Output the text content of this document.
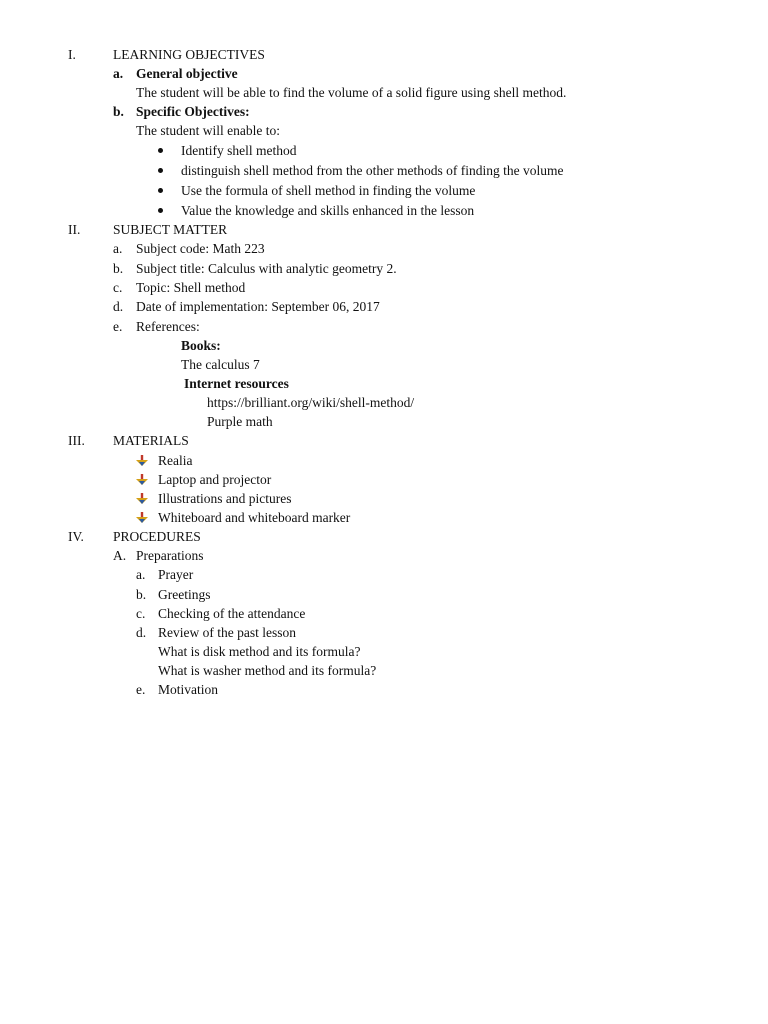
I.	LEARNING OBJECTIVES
a. General objective
The student will be able to find the volume of a solid figure using shell method.
b. Specific Objectives:
The student will enable to:
Identify shell method
distinguish shell method from the other methods of finding the volume
Use the formula of shell method in finding the volume
Value the knowledge and skills enhanced in the lesson
II. SUBJECT MATTER
a. Subject code: Math 223
b. Subject title: Calculus with analytic geometry 2.
c. Topic: Shell method
d. Date of implementation: September 06, 2017
e. References:
Books:
The calculus 7
Internet resources
https://brilliant.org/wiki/shell-method/
Purple math
III. MATERIALS
Realia
Laptop and projector
Illustrations and pictures
Whiteboard and whiteboard marker
IV. PROCEDURES
A. Preparations
a. Prayer
b. Greetings
c. Checking of the attendance
d. Review of the past lesson
What is disk method and its formula?
What is washer method and its formula?
e. Motivation
